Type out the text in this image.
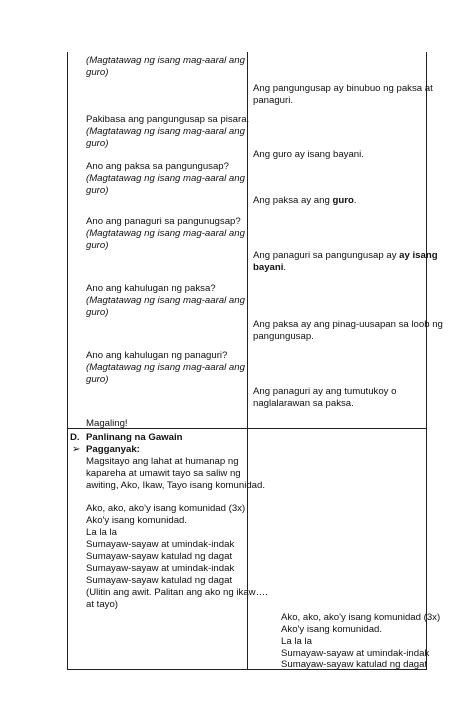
(Magtatawag ng isang mag-aaral ang
guro)
Pakibasa ang pangungusap sa pisara.
(Magtatawag ng isang mag-aaral ang
guro)
Ano ang paksa sa pangungusap?
(Magtatawag ng isang mag-aaral ang
guro)
Ano ang panaguri sa pangunugsap?
(Magtatawag ng isang mag-aaral ang
guro)
Ano ang kahulugan ng paksa?
(Magtatawag ng isang mag-aaral ang
guro)
Ano ang kahulugan ng panaguri?
(Magtatawag ng isang mag-aaral ang
guro)
Magaling!
Ang pangungusap ay binubuo ng paksa at
panaguri.
Ang guro ay isang bayani.
Ang paksa ay ang guro.
Ang panaguri sa pangungusap ay ay isang
bayani.
Ang paksa ay ang pinag-uusapan sa loob ng
pangungusap.
Ang panaguri ay ang tumutukoy o
naglalarawan sa paksa.
D. Panlinang na Gawain
➢ Pagganyak:
Magsitayo ang lahat at humanap ng
kapareha at umawit tayo sa saliw ng
awiting, Ako, Ikaw, Tayo isang komunidad.
Ako, ako, ako'y isang komunidad (3x)
Ako'y isang komunidad.
La la la
Sumayaw-sayaw at umindak-indak
Sumayaw-sayaw katulad ng dagat
Sumayaw-sayaw at umindak-indak
Sumayaw-sayaw katulad ng dagat
(Ulitin ang awit. Palitan ang ako ng ikaw….
at tayo)
Ako, ako, ako'y isang komunidad (3x)
Ako'y isang komunidad.
La la la
Sumayaw-sayaw at umindak-indak
Sumayaw-sayaw katulad ng dagat
